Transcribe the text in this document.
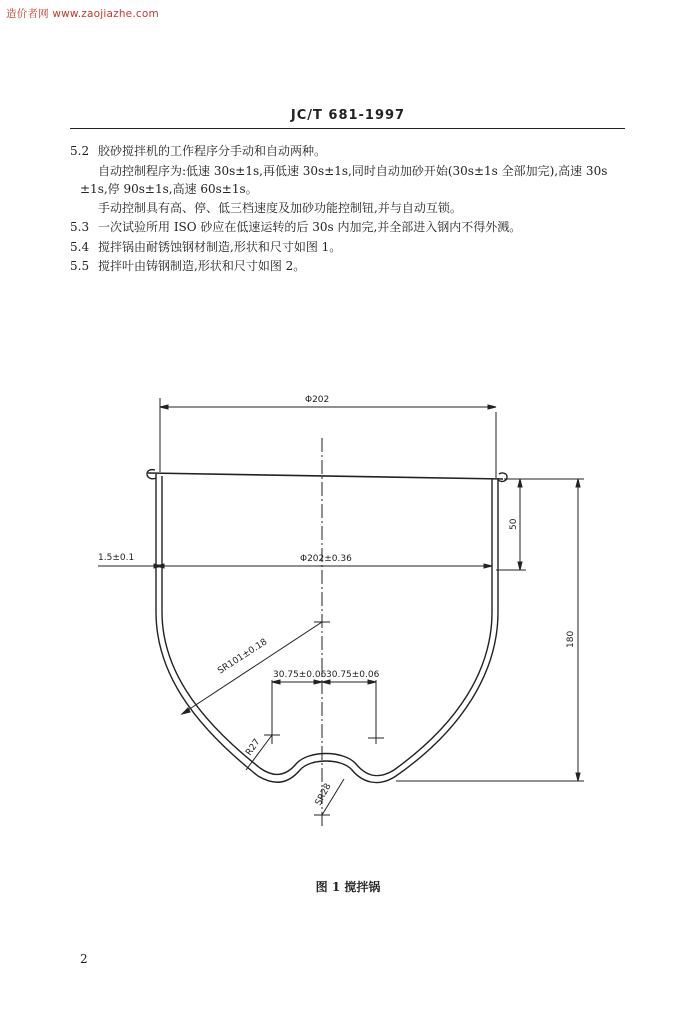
造价者网 www.zaojiazhe.com
JC/T 681-1997
5.2 胶砂搅拌机的工作程序分手动和自动两种。
自动控制程序为:低速 30s±1s,再低速 30s±1s,同时自动加砂开始(30s±1s 全部加完),高速 30s
±1s,停 90s±1s,高速 60s±1s。
手动控制具有高、停、低三档速度及加砂功能控制钮,并与自动互锁。
5.3 一次试验所用 ISO 砂应在低速运转的后 30s 内加完,并全部进入钢内不得外溅。
5.4 搅拌锅由耐锈蚀钢材制造,形状和尺寸如图 1。
5.5 搅拌叶由铸钢制造,形状和尺寸如图 2。
Φ202
Φ202±0.36
1.5±0.1
50
180
SR101±0.18 30.75±0.06 30.75±0.06
R27
SR28
图 1 搅拌锅
2
